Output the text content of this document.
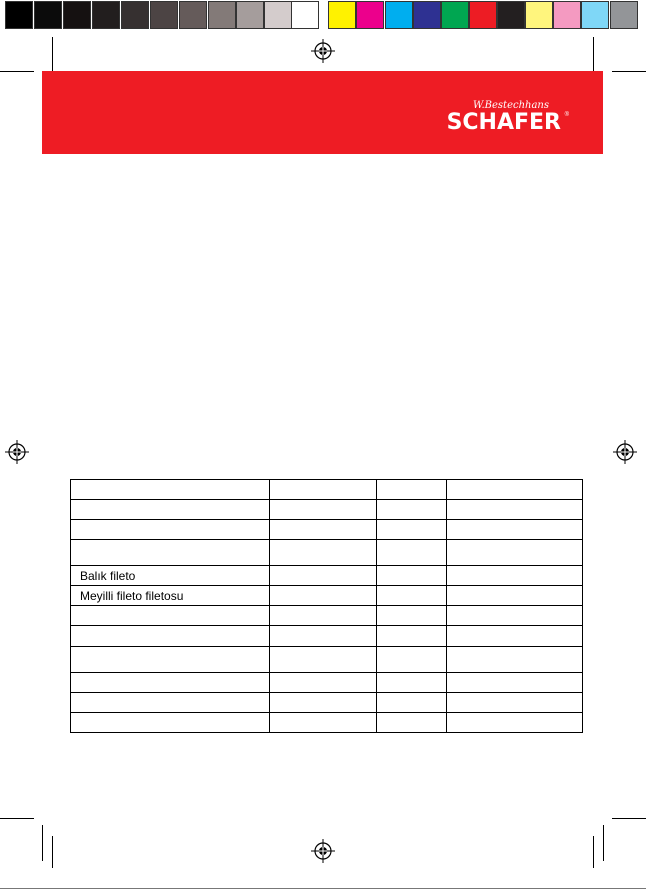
W.Bestechhans
SCHAFER ®

Balık fileto			
Meyilli fileto filetosu			
